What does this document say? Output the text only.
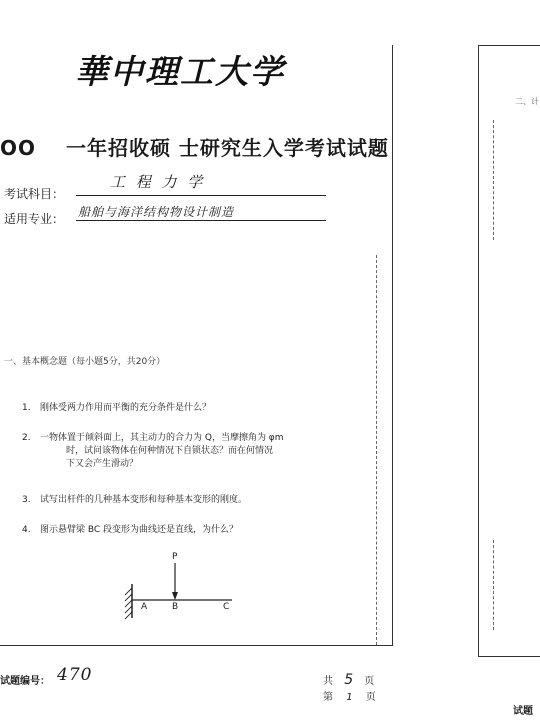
華中理工大学
OO 一年招收硕 士研究生入学考试试题
考试科目：
工 程 力 学
适用专业： 船舶与海洋结构物设计制造
一、基本概念题（每小题5分，共20分）
1. 刚体受两力作用而平衡的充分条件是什么？
2. 一物体置于倾斜面上，其主动力的合力为 Q，当摩擦角为 φm
时，试问该物体在何种情况下自锁状态？而在何情况
下又会产生滑动？
3. 试写出杆件的几种基本变形和每种基本变形的刚度。
4. 图示悬臂梁 BC 段变形为曲线还是直线，为什么？
P
A	B	C
试题编号： 470	共 5 页
第 1 页
二、计
试题
